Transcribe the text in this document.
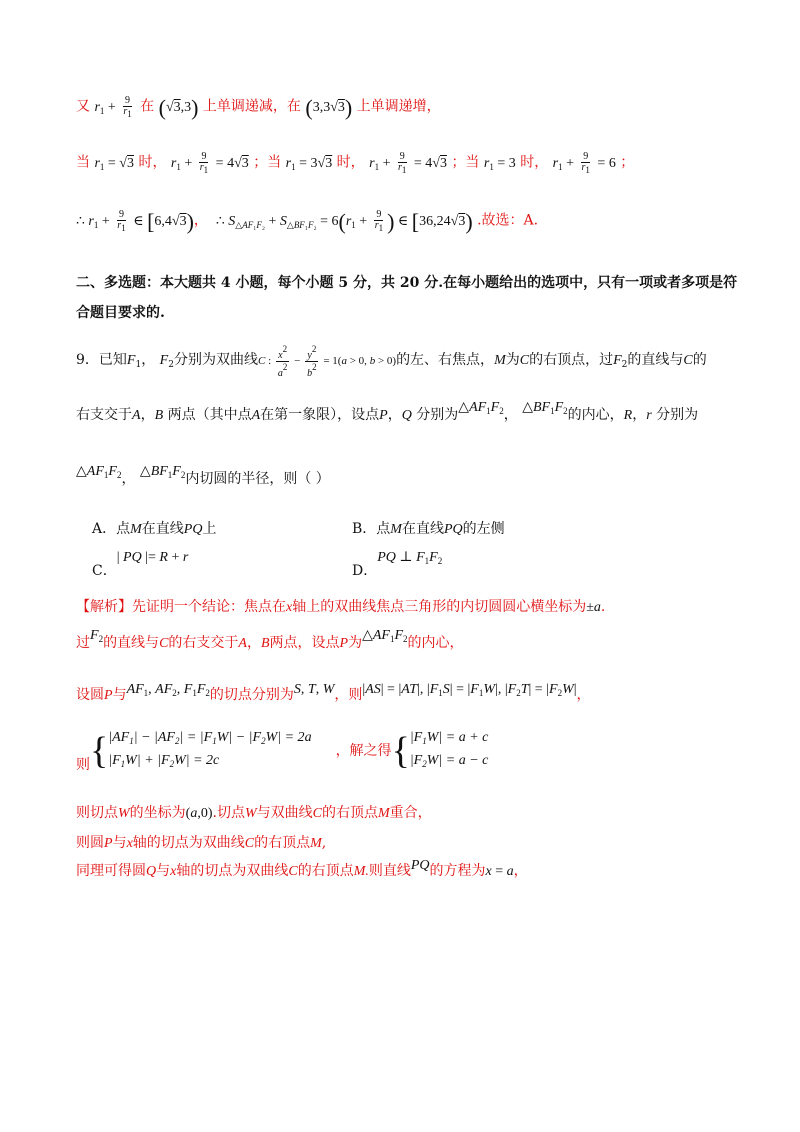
又 $r_1 + \frac{9}{r_1}$ 在 (√3,3) 上单调递减，在 (3,3√3) 上单调递增，
当 $r_1 = √3$ 时， $r_1 + \frac{9}{r_1} = 4√3$ ；当 $r_1 = 3√3$ 时， $r_1 + \frac{9}{r_1} = 4√3$ ；当 $r_1 = 3$ 时， $r_1 + \frac{9}{r_1} = 6$ ；
∴ $r_1 + \frac{9}{r_1}$ ∈ [6,4√3)，  ∴ $S_{\triangle AF_1F_2} + S_{\triangle BF_1F_2} = 6(r_1 + \frac{9}{r_1}$ ) ∈ [36,24√3) .故选：A.
二、多选题：本大题共 4 小题，每个小题 5 分，共 20 分.在每小题给出的选项中，只有一项或者多项是符
合题目要求的.
9．已知$F_1$， $F_2$分别为双曲线C : $\frac{x^2}{a^2} - \frac{y^2}{b^2} = 1(a > 0$, b > 0)的左、右焦点，M为C的右顶点，过$F_2$的直线与C的
右支交于A，B 两点（其中点A在第一象限），设点P，Q 分别为$\triangle AF_1F_2$， $\triangle BF_1F_2$的内心，R，r 分别为
$\triangle AF_1F_2$， $\triangle BF_1F_2$内切圆的半径，则（ ）
A．点M在直线PQ上	B．点M在直线PQ的左侧
C．| PQ |= R + r
D．PQ ⊥ $F_1F_2$
【解析】先证明一个结论：焦点在x轴上的双曲线焦点三角形的内切圆圆心横坐标为±a.
过$F_2$的直线与C的右支交于A，B两点，设点P为$\triangle AF_1F_2$的内心，
设圆P与$AF_1$, $AF_2$, $F_1F_2$的切点分别为S, T, W，则|AS| = |AT|, $|F_1S| = |F_1W|$, $|F_2T| = |F_2W|$，
则{ $|AF_1| - |AF_2| = |F_1W| - |F_2W| = 2a$
$|F_1W| + |F_2W| = 2c$
，解之得{ $|F_1W| = a + c$
$|F_2W| = a - c$
则切点W的坐标为(a,0).切点W与双曲线C的右顶点M重合，
则圆P与x轴的切点为双曲线C的右顶点M,
同理可得圆Q与x轴的切点为双曲线C的右顶点M.则直线PQ的方程为x = a，
